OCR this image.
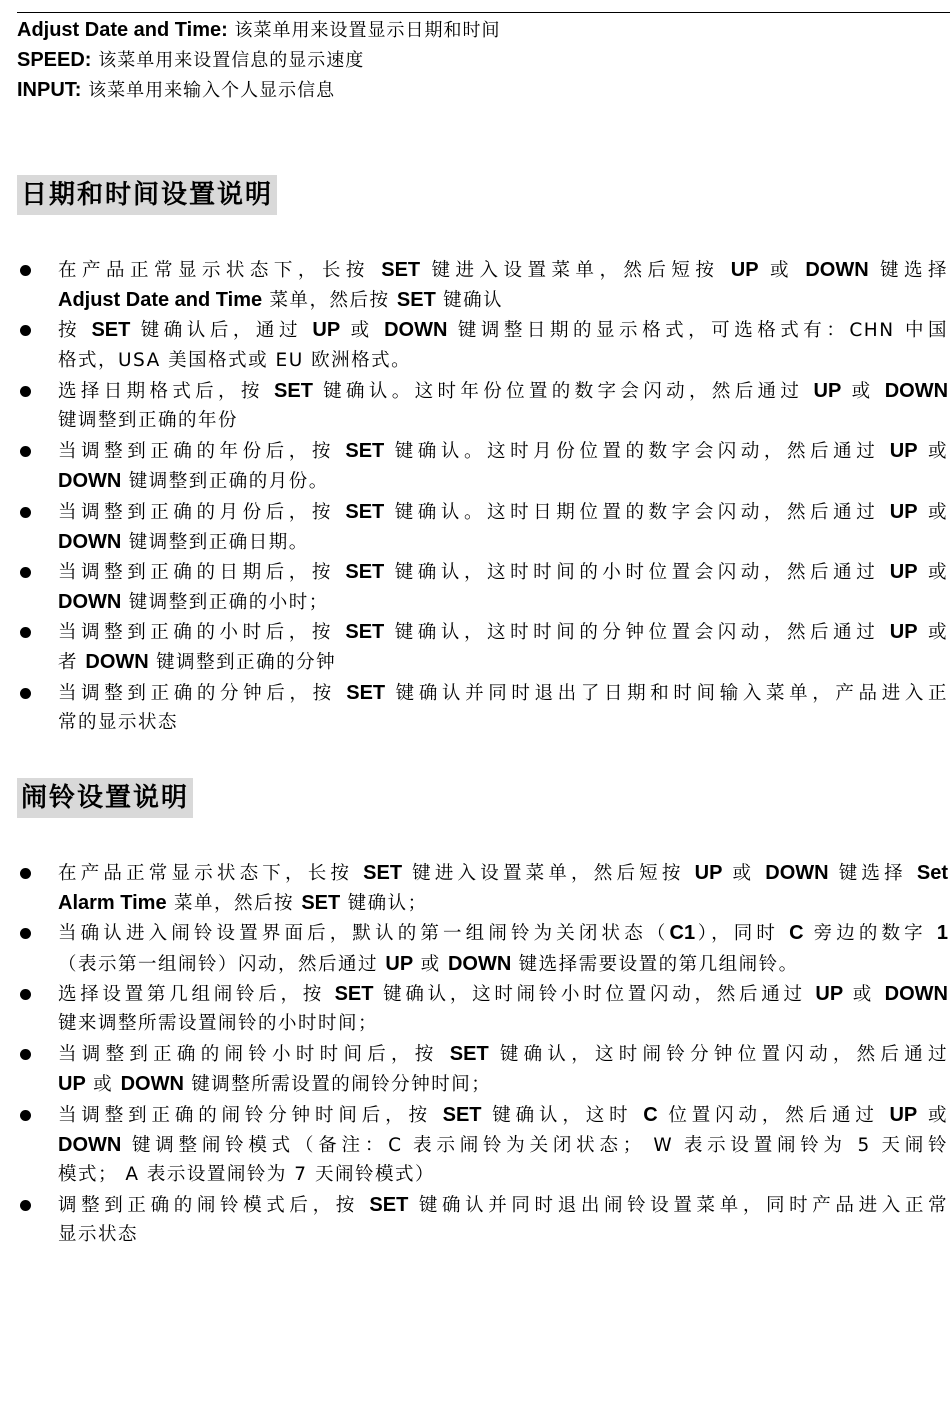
Adjust Date and Time: 该菜单用来设置显示日期和时间
SPEED: 该菜单用来设置信息的显示速度
INPUT: 该菜单用来输入个人显示信息
日期和时间设置说明
在产品正常显示状态下，长按 SET 键进入设置菜单，然后短按 UP 或 DOWN 键选择
Adjust Date and Time 菜单，然后按 SET 键确认
按 SET 键确认后，通过 UP 或 DOWN 键调整日期的显示格式，可选格式有：CHN 中国
格式，USA 美国格式或 EU 欧洲格式。
选择日期格式后，按 SET 键确认。这时年份位置的数字会闪动，然后通过 UP 或 DOWN
键调整到正确的年份
当调整到正确的年份后，按 SET 键确认。这时月份位置的数字会闪动，然后通过 UP 或
DOWN 键调整到正确的月份。
当调整到正确的月份后，按 SET 键确认。这时日期位置的数字会闪动，然后通过 UP 或
DOWN 键调整到正确日期。
当调整到正确的日期后，按 SET 键确认，这时时间的小时位置会闪动，然后通过 UP 或
DOWN 键调整到正确的小时；
当调整到正确的小时后，按 SET 键确认，这时时间的分钟位置会闪动，然后通过 UP 或
者 DOWN 键调整到正确的分钟
当调整到正确的分钟后，按 SET 键确认并同时退出了日期和时间输入菜单，产品进入正
常的显示状态
闹铃设置说明
在产品正常显示状态下，长按 SET 键进入设置菜单，然后短按 UP 或 DOWN 键选择 Set
Alarm Time 菜单，然后按 SET 键确认；
当确认进入闹铃设置界面后，默认的第一组闹铃为关闭状态（C1），同时 C 旁边的数字 1
（表示第一组闹铃）闪动，然后通过 UP 或 DOWN 键选择需要设置的第几组闹铃。
选择设置第几组闹铃后，按 SET 键确认，这时闹铃小时位置闪动，然后通过 UP 或 DOWN
键来调整所需设置闹铃的小时时间；
当调整到正确的闹铃小时时间后，按 SET 键确认，这时闹铃分钟位置闪动，然后通过
UP 或 DOWN 键调整所需设置的闹铃分钟时间；
当调整到正确的闹铃分钟时间后，按 SET 键确认，这时 C 位置闪动，然后通过 UP 或
DOWN 键调整闹铃模式（备注：C 表示闹铃为关闭状态； W 表示设置闹铃为 5 天闹铃
模式； A 表示设置闹铃为 7 天闹铃模式）
调整到正确的闹铃模式后，按 SET 键确认并同时退出闹铃设置菜单，同时产品进入正常
显示状态
